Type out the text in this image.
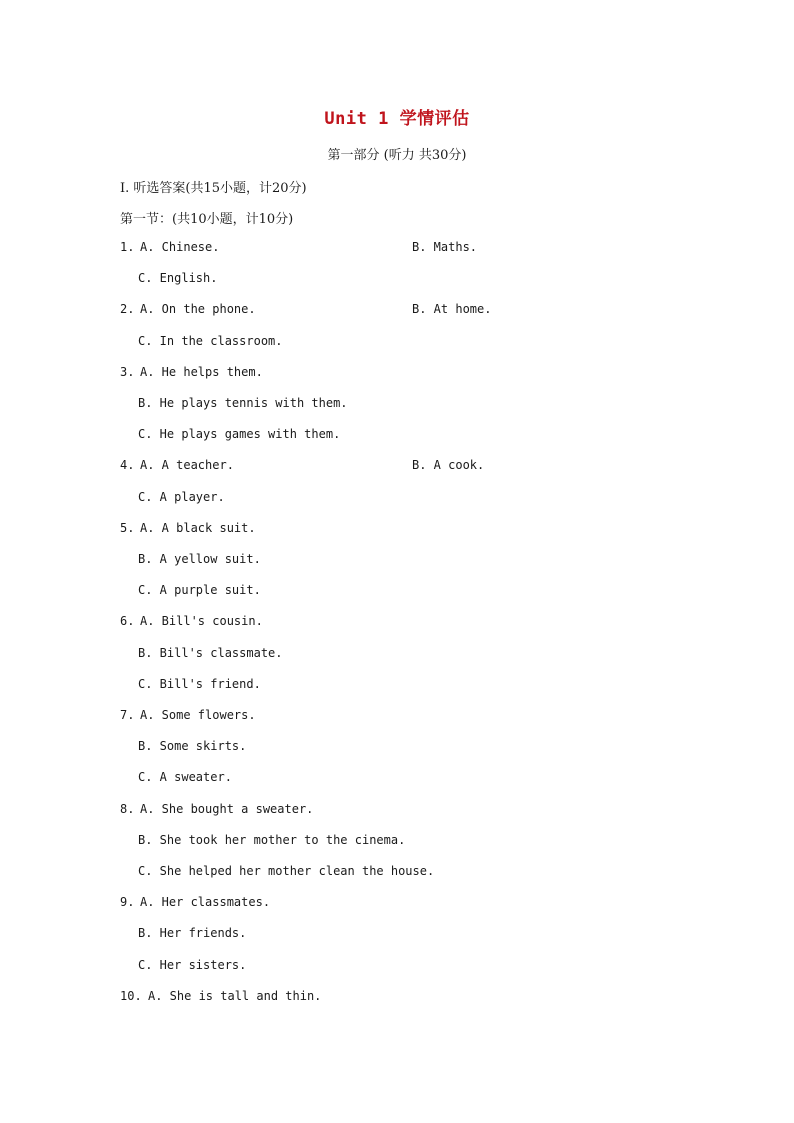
Unit 1 学情评估
第一部分 (听力 共30分)
Ⅰ. 听选答案(共15小题，计20分)
第一节：(共10小题，计10分)
1. A. Chinese.	B. Maths.
C. English.
2. A. On the phone.	B. At home.
C. In the classroom.
3. A. He helps them.
B. He plays tennis with them.
C. He plays games with them.
4. A. A teacher.	B. A cook.
C. A player.
5. A. A black suit.
B. A yellow suit.
C. A purple suit.
6. A. Bill's cousin.
B. Bill's classmate.
C. Bill's friend.
7. A. Some flowers.
B. Some skirts.
C. A sweater.
8. A. She bought a sweater.
B. She took her mother to the cinema.
C. She helped her mother clean the house.
9. A. Her classmates.
B. Her friends.
C. Her sisters.
10. A. She is tall and thin.
